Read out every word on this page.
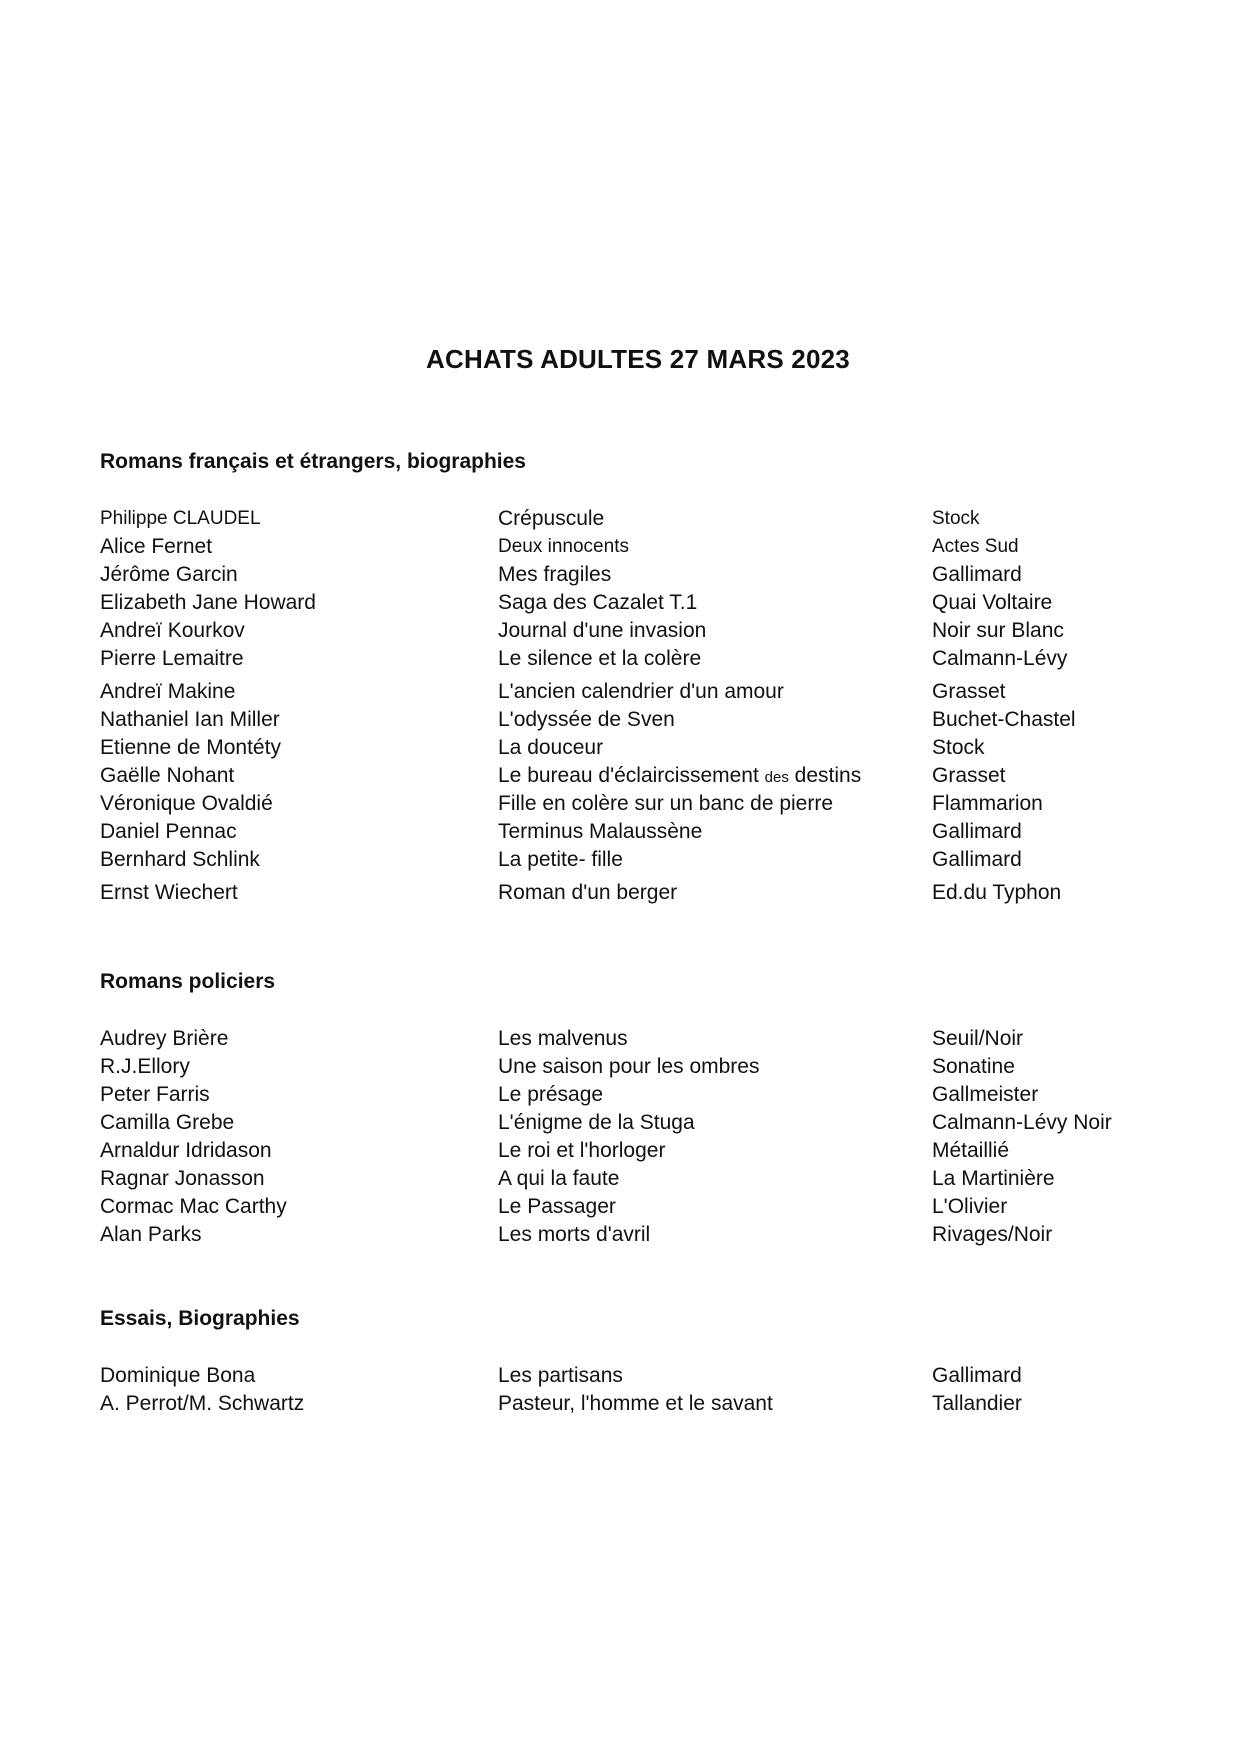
ACHATS ADULTES 27 MARS 2023
Romans français et étrangers, biographies
Philippe CLAUDEL	Crépuscule	Stock
Alice Fernet	Deux innocents	Actes Sud
Jérôme Garcin	Mes fragiles	Gallimard
Elizabeth Jane Howard	Saga des Cazalet T.1	Quai Voltaire
Andreï Kourkov	Journal d'une invasion	Noir sur Blanc
Pierre Lemaitre	Le silence et la colère	Calmann-Lévy
Andreï Makine	L'ancien calendrier d'un amour	Grasset
Nathaniel Ian Miller	L'odyssée de Sven	Buchet-Chastel
Etienne de Montéty	La douceur	Stock
Gaëlle Nohant	Le bureau d'éclaircissement des destins	Grasset
Véronique Ovaldié	Fille en colère sur un banc de pierre	Flammarion
Daniel Pennac	Terminus Malaussène	Gallimard
Bernhard Schlink	La petite- fille	Gallimard
Ernst Wiechert	Roman d'un berger	Ed.du Typhon
Romans policiers
Audrey Brière	Les malvenus	Seuil/Noir
R.J.Ellory	Une saison pour les ombres	Sonatine
Peter Farris	Le présage	Gallmeister
Camilla Grebe	L'énigme de la Stuga	Calmann-Lévy Noir
Arnaldur Idridason	Le roi et l'horloger	Métaillié
Ragnar Jonasson	A qui la faute	La Martinière
Cormac Mac Carthy	Le Passager	L'Olivier
Alan Parks	Les morts d'avril	Rivages/Noir
Essais, Biographies
Dominique Bona	Les partisans	Gallimard
A. Perrot/M. Schwartz	Pasteur, l'homme et le savant	Tallandier
